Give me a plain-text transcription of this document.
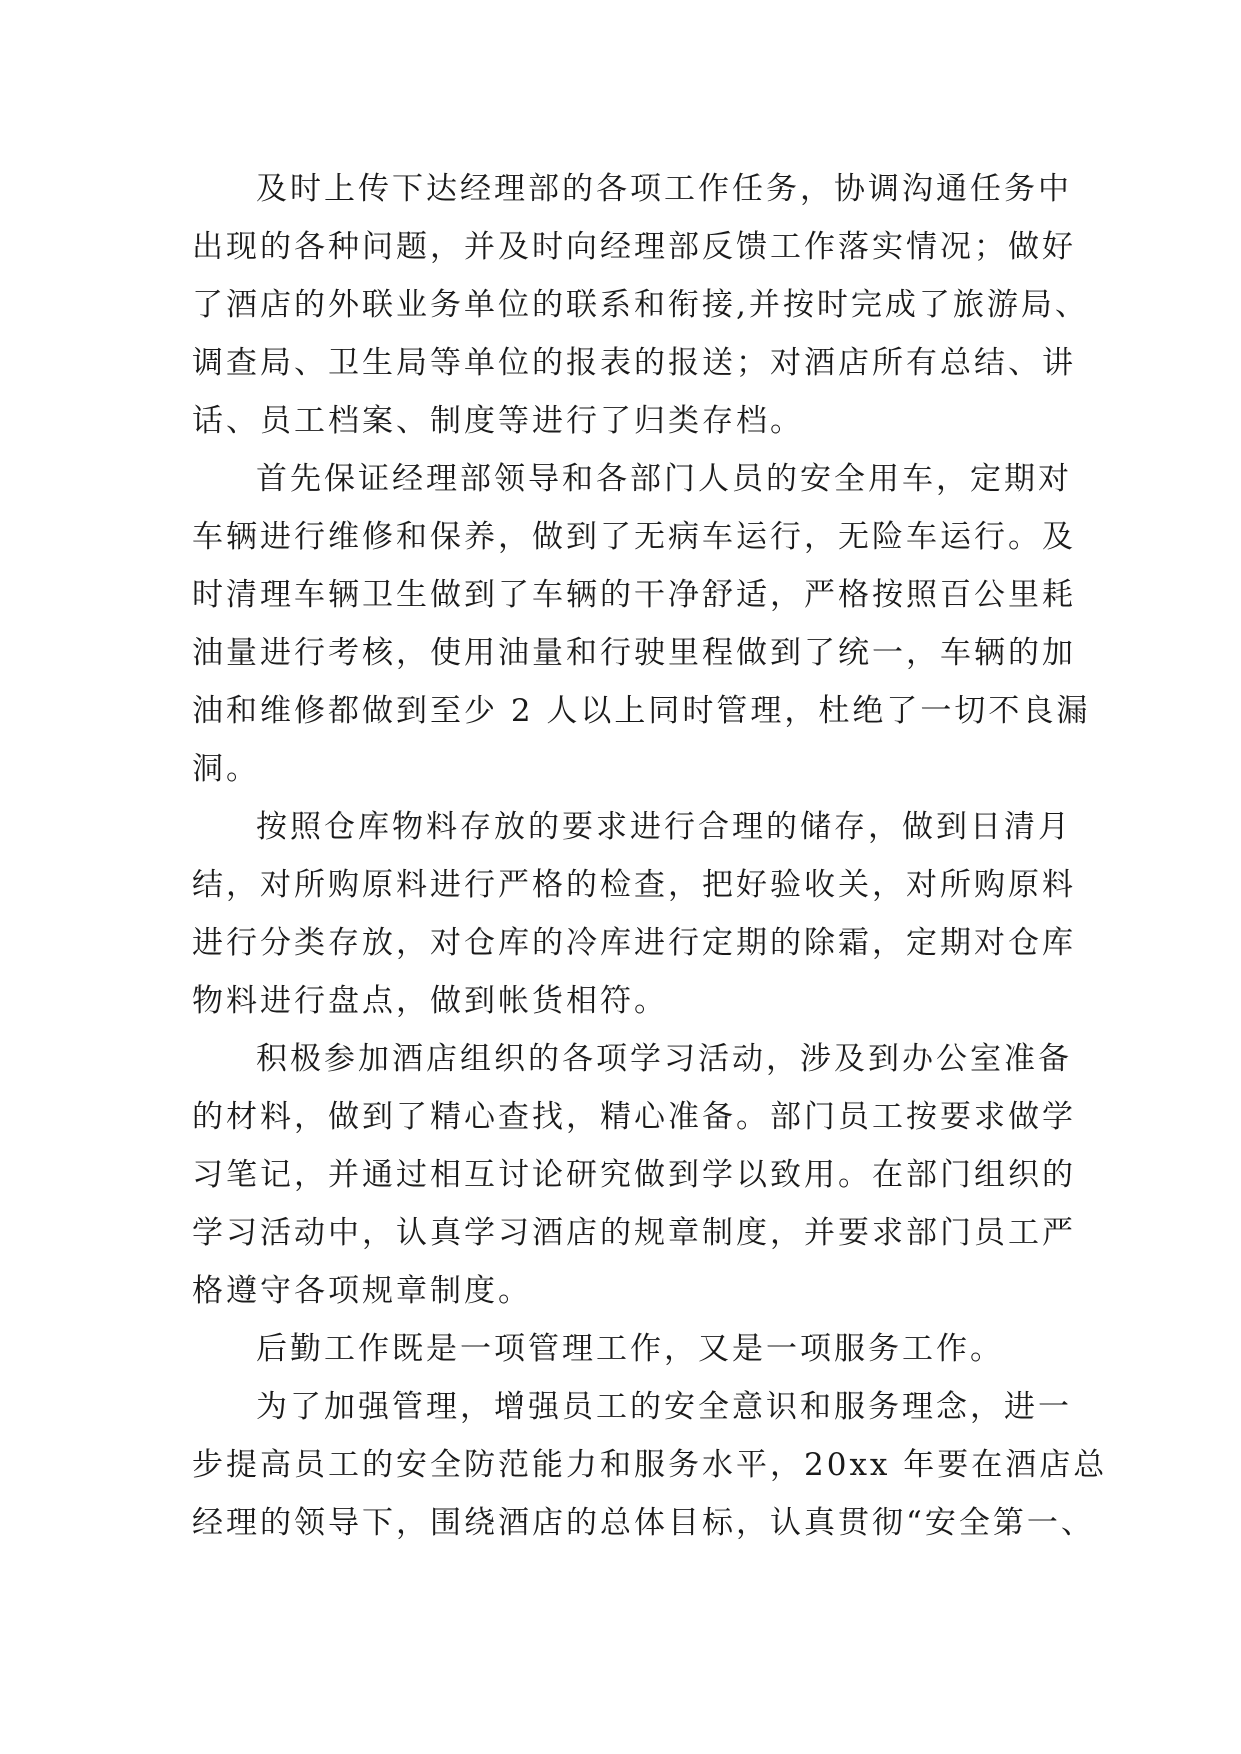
及时上传下达经理部的各项工作任务，协调沟通任务中
出现的各种问题，并及时向经理部反馈工作落实情况；做好
了酒店的外联业务单位的联系和衔接,并按时完成了旅游局、
调查局、卫生局等单位的报表的报送；对酒店所有总结、讲
话、员工档案、制度等进行了归类存档。
首先保证经理部领导和各部门人员的安全用车，定期对
车辆进行维修和保养，做到了无病车运行，无险车运行。及
时清理车辆卫生做到了车辆的干净舒适，严格按照百公里耗
油量进行考核，使用油量和行驶里程做到了统一，车辆的加
油和维修都做到至少 2 人以上同时管理，杜绝了一切不良漏
洞。
按照仓库物料存放的要求进行合理的储存，做到日清月
结，对所购原料进行严格的检查，把好验收关，对所购原料
进行分类存放，对仓库的冷库进行定期的除霜，定期对仓库
物料进行盘点，做到帐货相符。
积极参加酒店组织的各项学习活动，涉及到办公室准备
的材料，做到了精心查找，精心准备。部门员工按要求做学
习笔记，并通过相互讨论研究做到学以致用。在部门组织的
学习活动中，认真学习酒店的规章制度，并要求部门员工严
格遵守各项规章制度。
后勤工作既是一项管理工作，又是一项服务工作。
为了加强管理，增强员工的安全意识和服务理念，进一
步提高员工的安全防范能力和服务水平，20xx 年要在酒店总
经理的领导下，围绕酒店的总体目标，认真贯彻“安全第一、
